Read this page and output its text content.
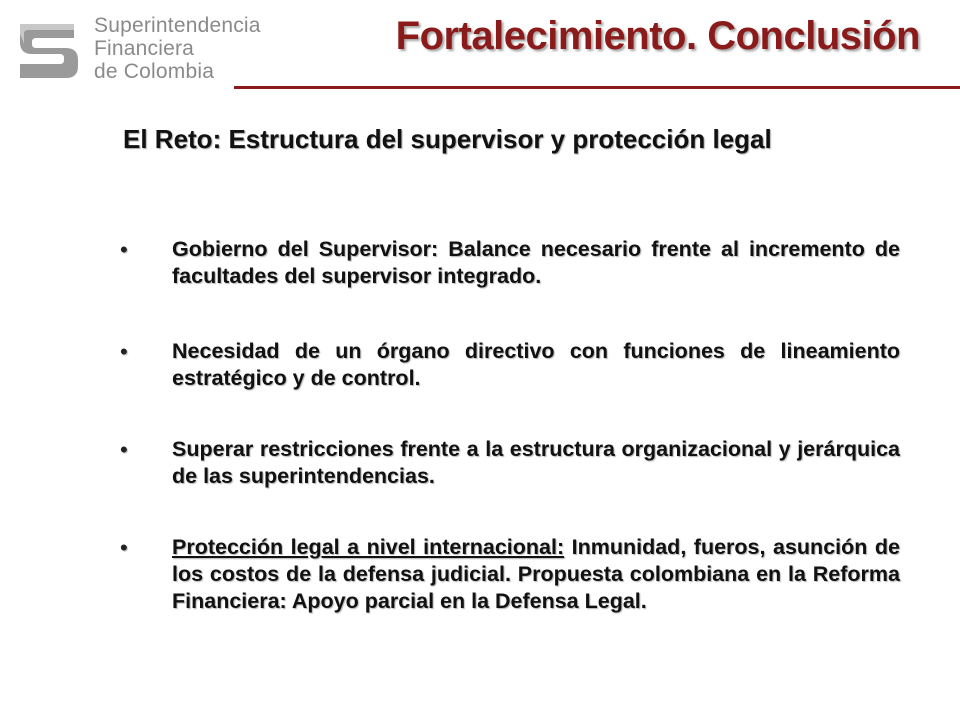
Superintendencia
Financiera
de Colombia
Fortalecimiento. Conclusión
El Reto: Estructura del supervisor y protección legal
• Gobierno del Supervisor: Balance necesario frente al incremento de facultades del supervisor integrado.
• Necesidad de un órgano directivo con funciones de lineamiento estratégico y de control.
• Superar restricciones frente a la estructura organizacional y jerárquica de las superintendencias.
• Protección legal a nivel internacional: Inmunidad, fueros, asunción de los costos de la defensa judicial. Propuesta colombiana en la Reforma Financiera: Apoyo parcial en la Defensa Legal.
